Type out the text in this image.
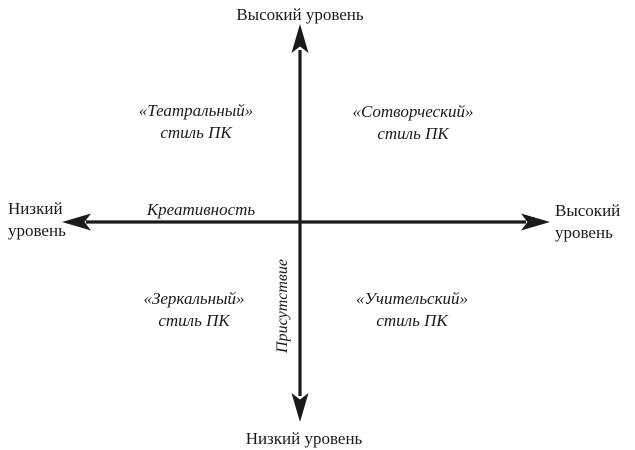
Высокий уровень
Низкий уровень
Низкий
уровень
Высокий
уровень
Креативность
Присутствие
«Театральный»
стиль ПК
«Сотворческий»
стиль ПК
«Зеркальный»
стиль ПК
«Учительский»
стиль ПК
